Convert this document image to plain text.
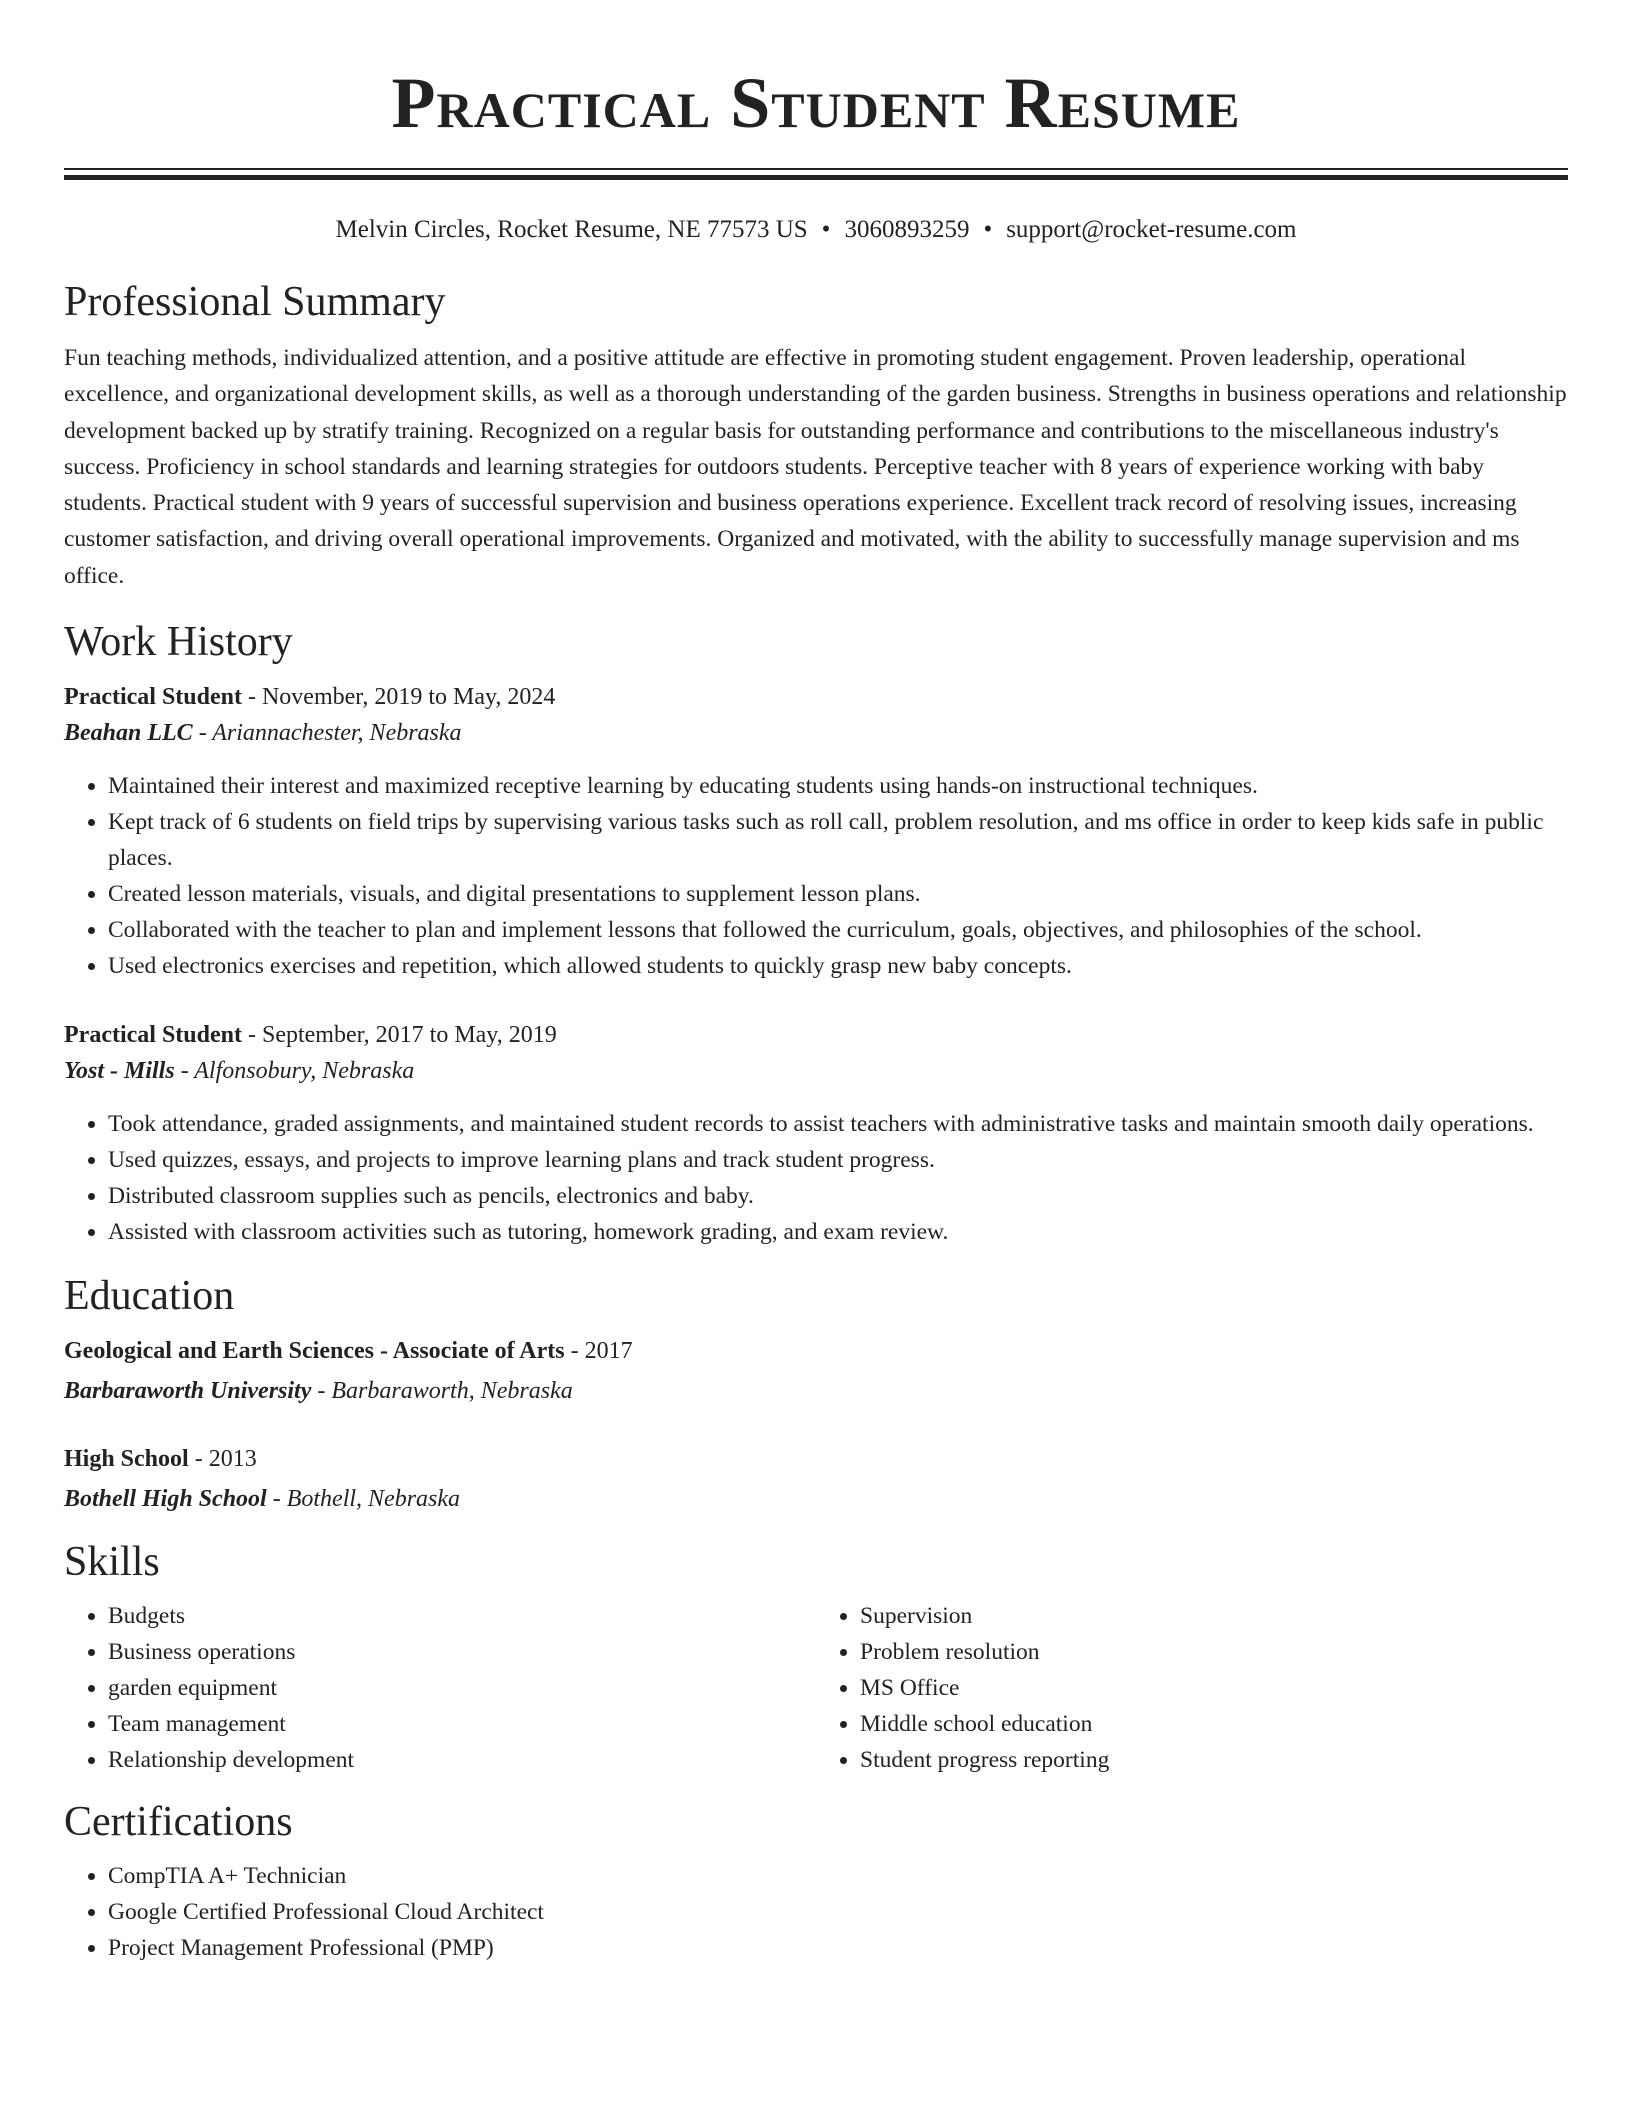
Practical Student Resume
Melvin Circles, Rocket Resume, NE 77573 US • 3060893259 • support@rocket-resume.com
Professional Summary

Fun teaching methods, individualized attention, and a positive attitude are effective in promoting student engagement. Proven leadership, operational excellence, and organizational development skills, as well as a thorough understanding of the garden business. Strengths in business operations and relationship development backed up by stratify training. Recognized on a regular basis for outstanding performance and contributions to the miscellaneous industry's success. Proficiency in school standards and learning strategies for outdoors students. Perceptive teacher with 8 years of experience working with baby students. Practical student with 9 years of successful supervision and business operations experience. Excellent track record of resolving issues, increasing customer satisfaction, and driving overall operational improvements. Organized and motivated, with the ability to successfully manage supervision and ms office.

Work History
Practical Student - November, 2019 to May, 2024
Beahan LLC - Ariannachester, Nebraska
• Maintained their interest and maximized receptive learning by educating students using hands-on instructional techniques.
• Kept track of 6 students on field trips by supervising various tasks such as roll call, problem resolution, and ms office in order to keep kids safe in public places.
• Created lesson materials, visuals, and digital presentations to supplement lesson plans.
• Collaborated with the teacher to plan and implement lessons that followed the curriculum, goals, objectives, and philosophies of the school.
• Used electronics exercises and repetition, which allowed students to quickly grasp new baby concepts.
Practical Student - September, 2017 to May, 2019
Yost - Mills - Alfonsobury, Nebraska
• Took attendance, graded assignments, and maintained student records to assist teachers with administrative tasks and maintain smooth daily operations.
• Used quizzes, essays, and projects to improve learning plans and track student progress.
• Distributed classroom supplies such as pencils, electronics and baby.
• Assisted with classroom activities such as tutoring, homework grading, and exam review.
Education
Geological and Earth Sciences - Associate of Arts - 2017
Barbaraworth University - Barbaraworth, Nebraska
High School - 2013
Bothell High School - Bothell, Nebraska
Skills
• Budgets
• Business operations
• garden equipment
• Team management
• Relationship development
• Supervision
• Problem resolution
• MS Office
• Middle school education
• Student progress reporting
Certifications
• CompTIA A+ Technician
• Google Certified Professional Cloud Architect
• Project Management Professional (PMP)
